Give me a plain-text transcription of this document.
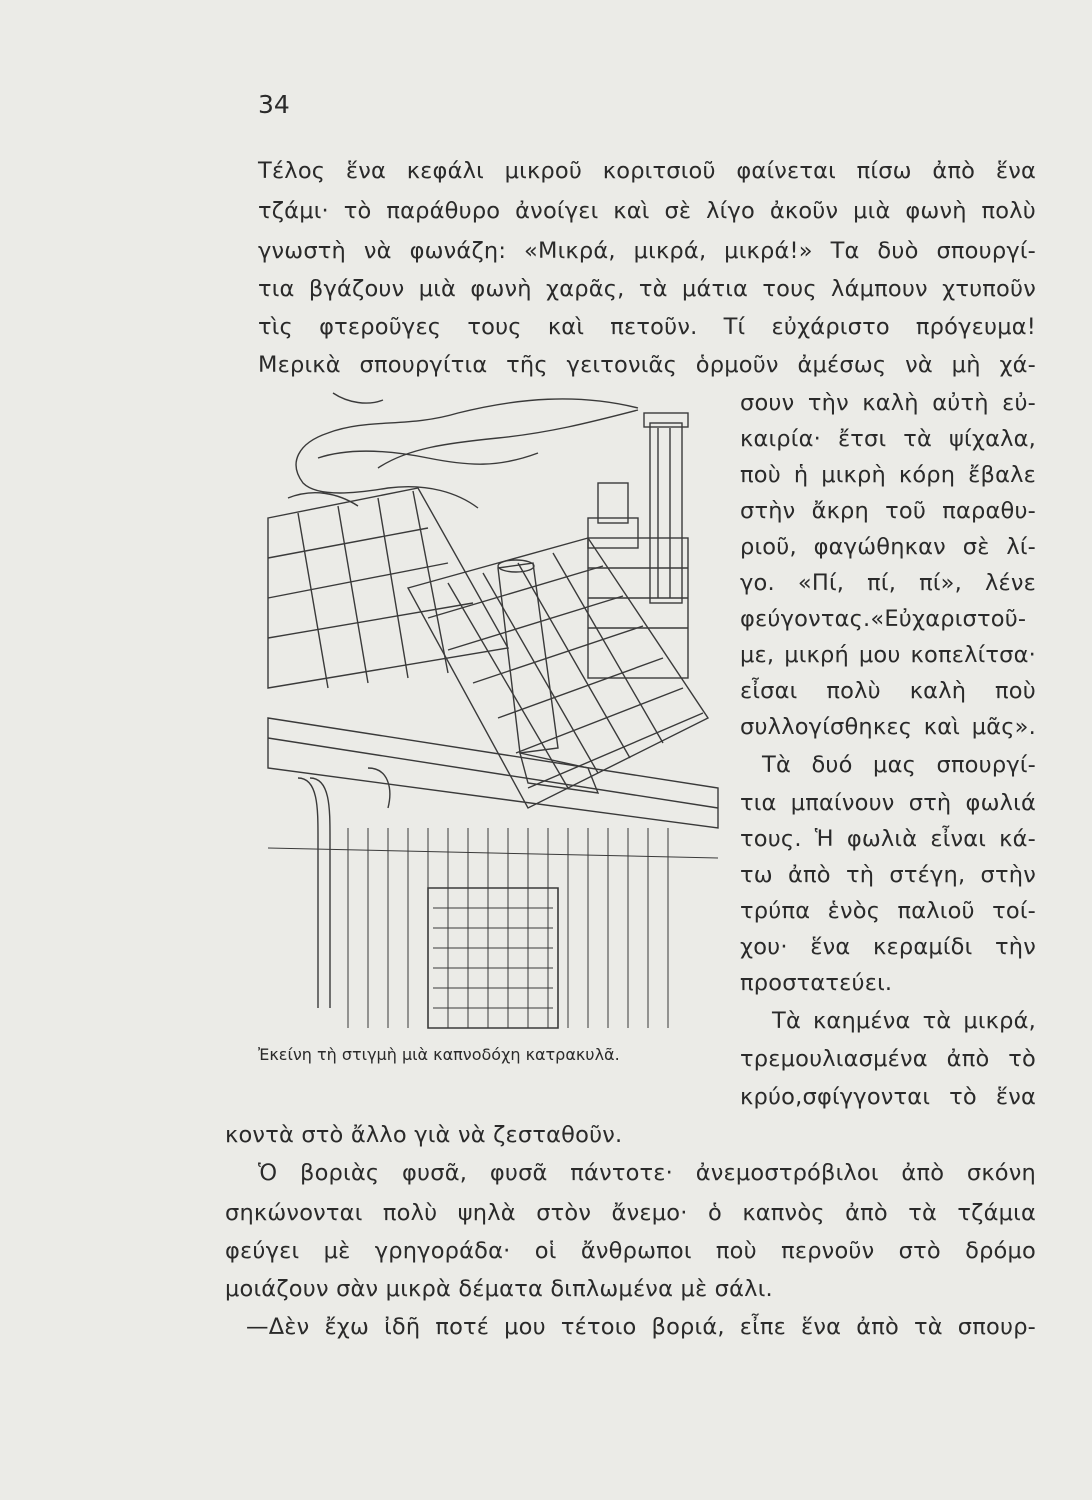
34
Τέλος ἕνα κεφάλι μικροῦ κοριτσιοῦ φαίνεται πίσω ἀπὸ ἕνα
τζάμι· τὸ παράθυρο ἀνοίγει καὶ σὲ λίγο ἀκοῦν μιὰ φωνὴ πολὺ
γνωστὴ νὰ φωνάζη: «Μικρά, μικρά, μικρά!» Τα δυὸ σπουργί-
τια βγάζουν μιὰ φωνὴ χαρᾶς, τὰ μάτια τους λάμπουν χτυποῦν
τὶς φτεροῦγες τους καὶ πετοῦν. Τί εὐχάριστο πρόγευμα!
Μερικὰ σπουργίτια τῆς γειτονιᾶς ὁρμοῦν ἀμέσως νὰ μὴ χά-
σουν τὴν καλὴ αὐτὴ εὐ-
καιρία· ἔτσι τὰ ψίχαλα,
ποὺ ἡ μικρὴ κόρη ἔβαλε
στὴν ἄκρη τοῦ παραθυ-
ριοῦ, φαγώθηκαν σὲ λί-
γο. «Πί, πί, πί», λένε
φεύγοντας.«Εὐχαριστοῦ-
με, μικρή μου κοπελίτσα·
εἶσαι πολὺ καλὴ ποὺ
συλλογίσθηκες καὶ μᾶς».
Τὰ δυό μας σπουργί-
τια μπαίνουν στὴ φωλιά
τους. Ἡ φωλιὰ εἶναι κά-
τω ἀπὸ τὴ στέγη, στὴν
τρύπα ἑνὸς παλιοῦ τοί-
χου· ἕνα κεραμίδι τὴν
προστατεύει.
Τὰ καημένα τὰ μικρά,
τρεμουλιασμένα ἀπὸ τὸ
κρύο,σφίγγονται τὸ ἕνα
κοντὰ στὸ ἄλλο γιὰ νὰ ζεσταθοῦν.
Ὁ βοριὰς φυσᾶ, φυσᾶ πάντοτε· ἀνεμοστρόβιλοι ἀπὸ σκόνη
σηκώνονται πολὺ ψηλὰ στὸν ἄνεμο· ὁ καπνὸς ἀπὸ τὰ τζάμια
φεύγει μὲ γρηγοράδα· οἱ ἄνθρωποι ποὺ περνοῦν στὸ δρόμο
μοιάζουν σὰν μικρὰ δέματα διπλωμένα μὲ σάλι.
—Δὲν ἔχω ἰδῆ ποτέ μου τέτοιο βοριά, εἶπε ἕνα ἀπὸ τὰ σπουρ-
Ἐκείνη τὴ στιγμὴ μιὰ καπνοδόχη κατρακυλᾶ.
